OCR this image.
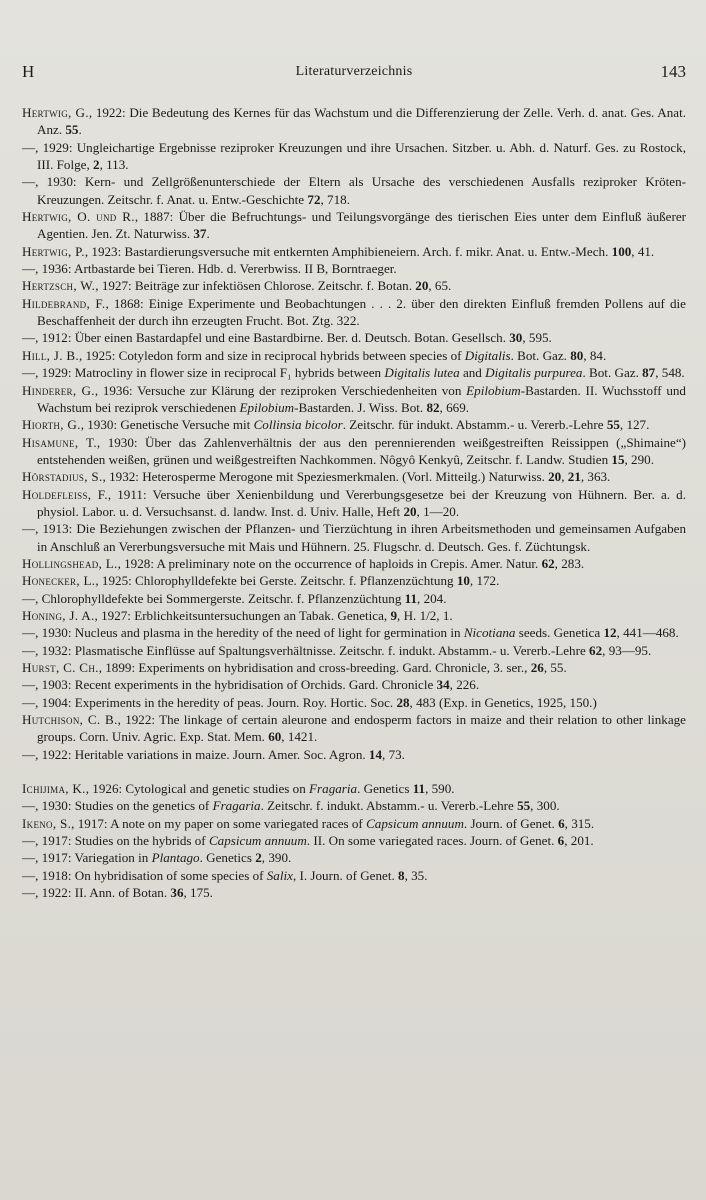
H	Literaturverzeichnis	143
Hertwig, G., 1922: Die Bedeutung des Kernes für das Wachstum und die Differenzierung der Zelle. Verh. d. anat. Ges. Anat. Anz. 55.
—, 1929: Ungleichartige Ergebnisse reziproker Kreuzungen und ihre Ursachen. Sitzber. u. Abh. d. Naturf. Ges. zu Rostock, III. Folge, 2, 113.
—, 1930: Kern- und Zellgrößenunterschiede der Eltern als Ursache des verschiedenen Ausfalls reziproker Kröten-Kreuzungen. Zeitschr. f. Anat. u. Entw.-Geschichte 72, 718.
Hertwig, O. und R., 1887: Über die Befruchtungs- und Teilungsvorgänge des tierischen Eies unter dem Einfluß äußerer Agentien. Jen. Zt. Naturwiss. 37.
Hertwig, P., 1923: Bastardierungsversuche mit entkernten Amphibieneiern. Arch. f. mikr. Anat. u. Entw.-Mech. 100, 41.
—, 1936: Artbastarde bei Tieren. Hdb. d. Vererbwiss. II B, Borntraeger.
Hertzsch, W., 1927: Beiträge zur infektiösen Chlorose. Zeitschr. f. Botan. 20, 65.
Hildebrand, F., 1868: Einige Experimente und Beobachtungen . . . 2. über den direkten Einfluß fremden Pollens auf die Beschaffenheit der durch ihn erzeugten Frucht. Bot. Ztg. 322.
—, 1912: Über einen Bastardapfel und eine Bastardbirne. Ber. d. Deutsch. Botan. Gesellsch. 30, 595.
Hill, J. B., 1925: Cotyledon form and size in reciprocal hybrids between species of Digitalis. Bot. Gaz. 80, 84.
—, 1929: Matrocliny in flower size in reciprocal F₁ hybrids between Digitalis lutea and Digitalis purpurea. Bot. Gaz. 87, 548.
Hinderer, G., 1936: Versuche zur Klärung der reziproken Verschiedenheiten von Epilobium-Bastarden. II. Wuchsstoff und Wachstum bei reziprok verschiedenen Epilobium-Bastarden. J. Wiss. Bot. 82, 669.
Hiorth, G., 1930: Genetische Versuche mit Collinsia bicolor. Zeitschr. für indukt. Abstamm.- u. Vererb.-Lehre 55, 127.
Hisamune, T., 1930: Über das Zahlenverhältnis der aus den perennierenden weißgestreiften Reissippen („Shimaine“) entstehenden weißen, grünen und weißgestreiften Nachkommen. Nôgyô Kenkyû, Zeitschr. f. Landw. Studien 15, 290.
Hörstadius, S., 1932: Heterosperme Merogone mit Speziesmerkmalen. (Vorl. Mitteilg.) Naturwiss. 20, 21, 363.
Holdefleiss, F., 1911: Versuche über Xenienbildung und Vererbungsgesetze bei der Kreuzung von Hühnern. Ber. a. d. physiol. Labor. u. d. Versuchsanst. d. landw. Inst. d. Univ. Halle, Heft 20, 1—20.
—, 1913: Die Beziehungen zwischen der Pflanzen- und Tierzüchtung in ihren Arbeitsmethoden und gemeinsamen Aufgaben in Anschluß an Vererbungsversuche mit Mais und Hühnern. 25. Flugschr. d. Deutsch. Ges. f. Züchtungsk.
Hollingshead, L., 1928: A preliminary note on the occurrence of haploids in Crepis. Amer. Natur. 62, 283.
Honecker, L., 1925: Chlorophylldefekte bei Gerste. Zeitschr. f. Pflanzenzüchtung 10, 172.
—, Chlorophylldefekte bei Sommergerste. Zeitschr. f. Pflanzenzüchtung 11, 204.
Honing, J. A., 1927: Erblichkeitsuntersuchungen an Tabak. Genetica, 9, H. 1/2, 1.
—, 1930: Nucleus and plasma in the heredity of the need of light for germination in Nicotiana seeds. Genetica 12, 441—468.
—, 1932: Plasmatische Einflüsse auf Spaltungsverhältnisse. Zeitschr. f. indukt. Abstamm.- u. Vererb.-Lehre 62, 93—95.
Hurst, C. Ch., 1899: Experiments on hybridisation and cross-breeding. Gard. Chronicle, 3. ser., 26, 55.
—, 1903: Recent experiments in the hybridisation of Orchids. Gard. Chronicle 34, 226.
—, 1904: Experiments in the heredity of peas. Journ. Roy. Hortic. Soc. 28, 483 (Exp. in Genetics, 1925, 150.)
Hutchison, C. B., 1922: The linkage of certain aleurone and endosperm factors in maize and their relation to other linkage groups. Corn. Univ. Agric. Exp. Stat. Mem. 60, 1421.
—, 1922: Heritable variations in maize. Journ. Amer. Soc. Agron. 14, 73.
Ichijima, K., 1926: Cytological and genetic studies on Fragaria. Genetics 11, 590.
—, 1930: Studies on the genetics of Fragaria. Zeitschr. f. indukt. Abstamm.- u. Vererb.-Lehre 55, 300.
Ikeno, S., 1917: A note on my paper on some variegated races of Capsicum annuum. Journ. of Genet. 6, 315.
—, 1917: Studies on the hybrids of Capsicum annuum. II. On some variegated races. Journ. of Genet. 6, 201.
—, 1917: Variegation in Plantago. Genetics 2, 390.
—, 1918: On hybridisation of some species of Salix, I. Journ. of Genet. 8, 35.
—, 1922: II. Ann. of Botan. 36, 175.
